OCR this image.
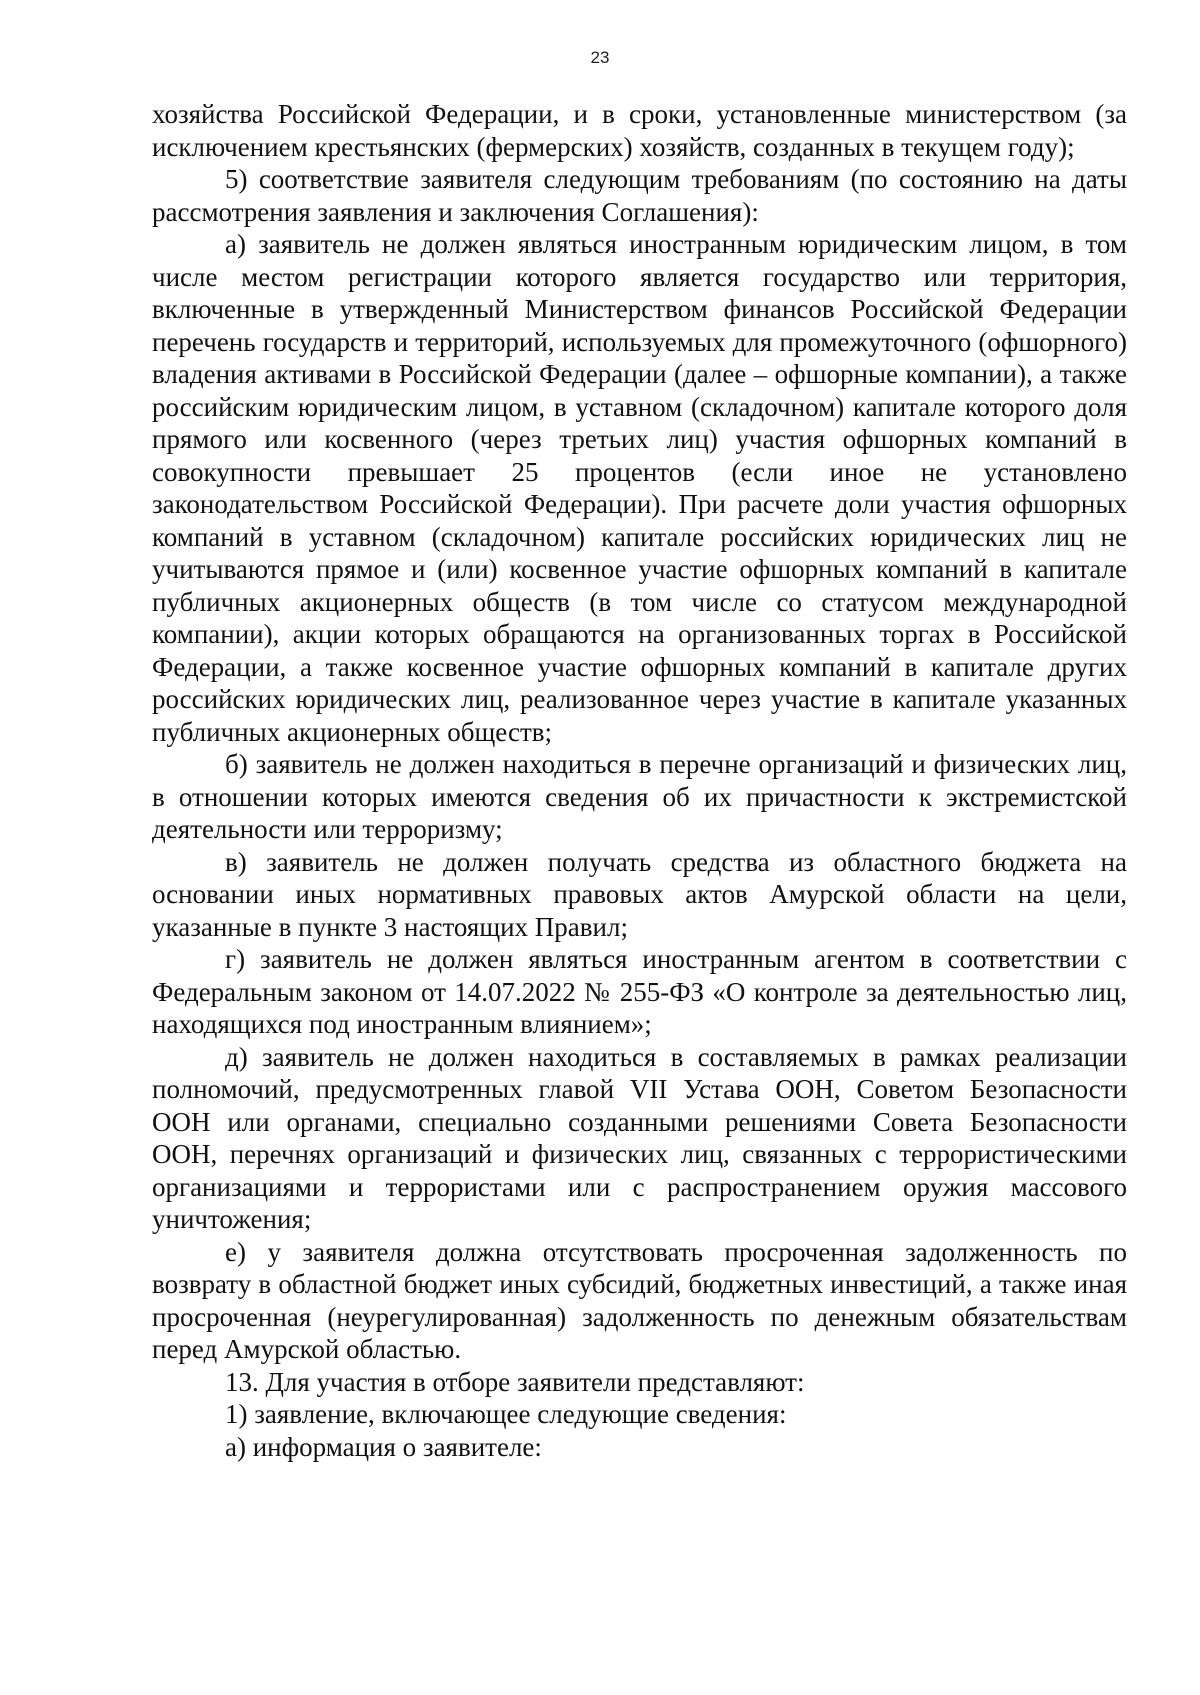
23

хозяйства Российской Федерации, и в сроки, установленные министерством (за исключением крестьянских (фермерских) хозяйств, созданных в текущем году);

5) соответствие заявителя следующим требованиям (по состоянию на даты рассмотрения заявления и заключения Соглашения):

а) заявитель не должен являться иностранным юридическим лицом, в том числе местом регистрации которого является государство или территория, включенные в утвержденный Министерством финансов Российской Федерации перечень государств и территорий, используемых для промежуточного (офшорного) владения активами в Российской Федерации (далее – офшорные компании), а также российским юридическим лицом, в уставном (складочном) капитале которого доля прямого или косвенного (через третьих лиц) участия офшорных компаний в совокупности превышает 25 процентов (если иное не установлено законодательством Российской Федерации). При расчете доли участия офшорных компаний в уставном (складочном) капитале российских юридических лиц не учитываются прямое и (или) косвенное участие офшорных компаний в капитале публичных акционерных обществ (в том числе со статусом международной компании), акции которых обращаются на организованных торгах в Российской Федерации, а также косвенное участие офшорных компаний в капитале других российских юридических лиц, реализованное через участие в капитале указанных публичных акционерных обществ;

б) заявитель не должен находиться в перечне организаций и физических лиц, в отношении которых имеются сведения об их причастности к экстремистской деятельности или терроризму;

в) заявитель не должен получать средства из областного бюджета на основании иных нормативных правовых актов Амурской области на цели, указанные в пункте 3 настоящих Правил;

г) заявитель не должен являться иностранным агентом в соответствии с Федеральным законом от 14.07.2022 № 255-ФЗ «О контроле за деятельностью лиц, находящихся под иностранным влиянием»;

д) заявитель не должен находиться в составляемых в рамках реализации полномочий, предусмотренных главой VII Устава ООН, Советом Безопасности ООН или органами, специально созданными решениями Совета Безопасности ООН, перечнях организаций и физических лиц, связанных с террористическими организациями и террористами или с распространением оружия массового уничтожения;

е) у заявителя должна отсутствовать просроченная задолженность по возврату в областной бюджет иных субсидий, бюджетных инвестиций, а также иная просроченная (неурегулированная) задолженность по денежным обязательствам перед Амурской областью.

13. Для участия в отборе заявители представляют:

1) заявление, включающее следующие сведения:

а) информация о заявителе:
